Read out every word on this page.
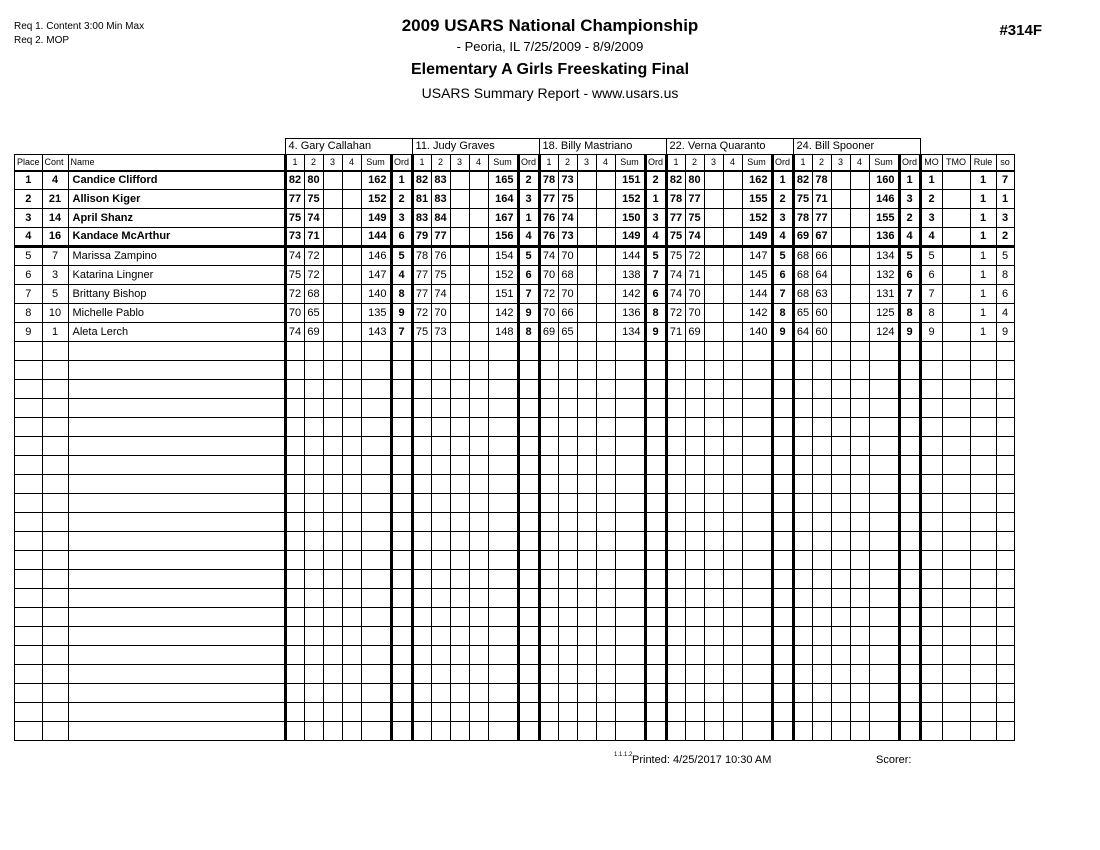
Req 1. Content 3:00 Min Max
Req 2. MOP
2009 USARS National Championship
- Peoria, IL 7/25/2009 - 8/9/2009
Elementary A Girls Freeskating Final
USARS Summary Report - www.usars.us
#314F
			4. Gary Callahan						11. Judy Graves						18. Billy Mastriano						22. Verna Quaranto						24. Bill Spooner									
Place	Cont	Name	1	2	3	4	Sum	Ord	1	2	3	4	Sum	Ord	1	2	3	4	Sum	Ord	1	2	3	4	Sum	Ord	1	2	3	4	Sum	Ord	MO	TMO	Rule	so
1	4	Candice Clifford	82	80			162	1	82	83			165	2	78	73			151	2	82	80			162	1	82	78			160	1	1		1	7
2	21	Allison Kiger	77	75			152	2	81	83			164	3	77	75			152	1	78	77			155	2	75	71			146	3	2		1	1
3	14	April Shanz	75	74			149	3	83	84			167	1	76	74			150	3	77	75			152	3	78	77			155	2	3		1	3
4	16	Kandace McArthur	73	71			144	6	79	77			156	4	76	73			149	4	75	74			149	4	69	67			136	4	4		1	2
5	7	Marissa Zampino	74	72			146	5	78	76			154	5	74	70			144	5	75	72			147	5	68	66			134	5	5		1	5
6	3	Katarina Lingner	75	72			147	4	77	75			152	6	70	68			138	7	74	71			145	6	68	64			132	6	6		1	8
7	5	Brittany Bishop	72	68			140	8	77	74			151	7	72	70			142	6	74	70			144	7	68	63			131	7	7		1	6
8	10	Michelle Pablo	70	65			135	9	72	70			142	9	70	66			136	8	72	70			142	8	65	60			125	8	8		1	4
9	1	Aleta Lerch	74	69			143	7	75	73			148	8	69	65			134	9	71	69			140	9	64	60			124	9	9		1	9

1.1.1.2 Printed: 4/25/2017 10:30 AM	Scorer:
